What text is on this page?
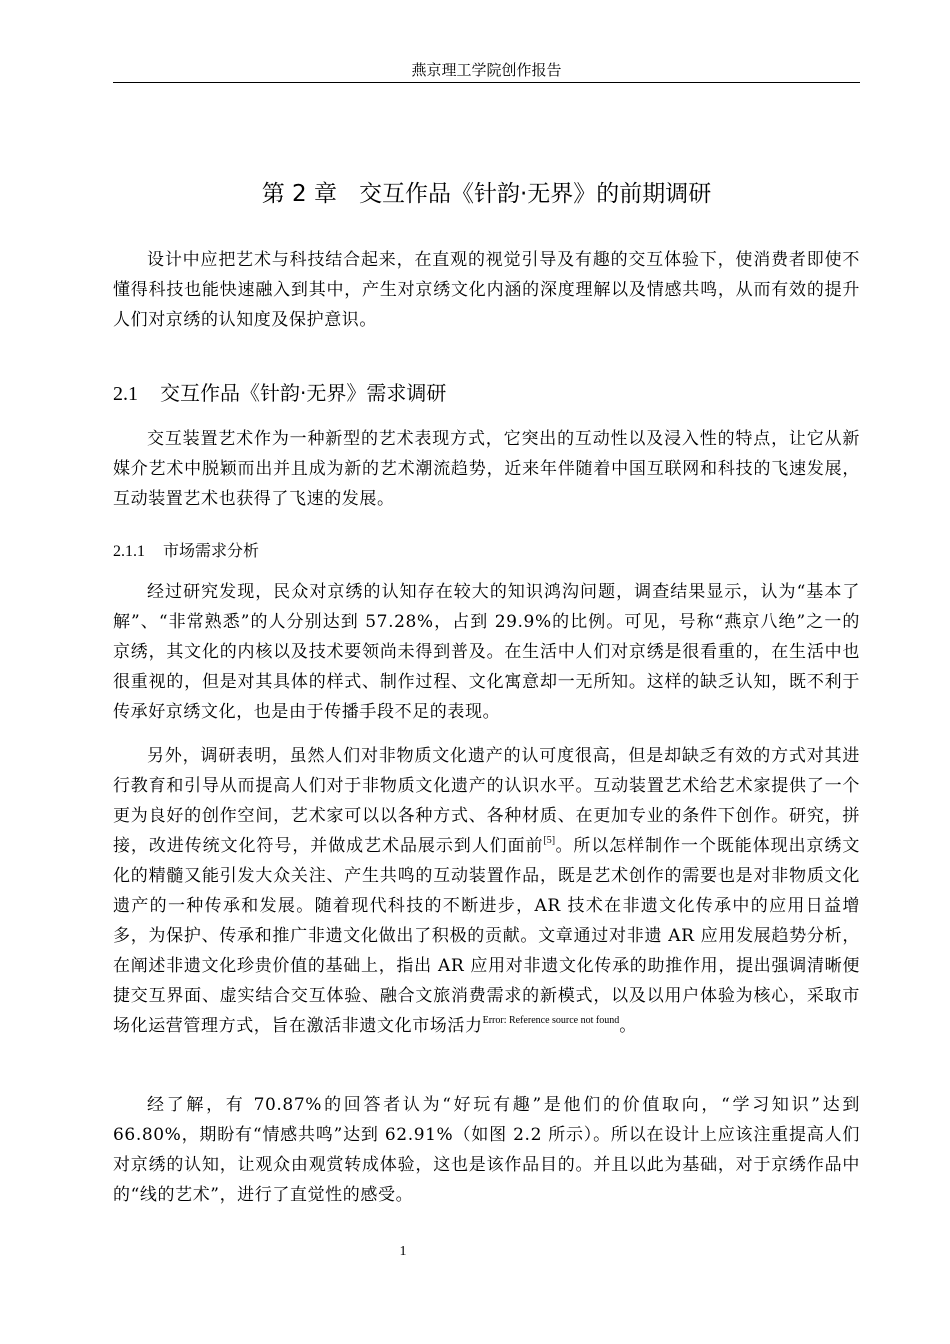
燕京理工学院创作报告
第 2 章 交互作品《针韵·无界》的前期调研

设计中应把艺术与科技结合起来，在直观的视觉引导及有趣的交互体验下，使消费者即使不懂得科技也能快速融入到其中，产生对京绣文化内涵的深度理解以及情感共鸣，从而有效的提升人们对京绣的认知度及保护意识。

2.1 交互作品《针韵·无界》需求调研

交互装置艺术作为一种新型的艺术表现方式，它突出的互动性以及浸入性的特点，让它从新媒介艺术中脱颖而出并且成为新的艺术潮流趋势，近来年伴随着中国互联网和科技的飞速发展，互动装置艺术也获得了飞速的发展。

2.1.1 市场需求分析

经过研究发现，民众对京绣的认知存在较大的知识鸿沟问题，调查结果显示，认为“基本了解”、“非常熟悉”的人分别达到 57.28%，占到 29.9%的比例。可见，号称“燕京八绝”之一的京绣，其文化的内核以及技术要领尚未得到普及。在生活中人们对京绣是很看重的，在生活中也很重视的，但是对其具体的样式、制作过程、文化寓意却一无所知。这样的缺乏认知，既不利于传承好京绣文化，也是由于传播手段不足的表现。

另外，调研表明，虽然人们对非物质文化遗产的认可度很高，但是却缺乏有效的方式对其进行教育和引导从而提高人们对于非物质文化遗产的认识水平。互动装置艺术给艺术家提供了一个更为良好的创作空间，艺术家可以以各种方式、各种材质、在更加专业的条件下创作。研究，拼接，改进传统文化符号，并做成艺术品展示到人们面前[5]。所以怎样制作一个既能体现出京绣文化的精髓又能引发大众关注、产生共鸣的互动装置作品，既是艺术创作的需要也是对非物质文化遗产的一种传承和发展。随着现代科技的不断进步，AR 技术在非遗文化传承中的应用日益增多，为保护、传承和推广非遗文化做出了积极的贡献。文章通过对非遗 AR 应用发展趋势分析，在阐述非遗文化珍贵价值的基础上，指出 AR 应用对非遗文化传承的助推作用，提出强调清晰便捷交互界面、虚实结合交互体验、融合文旅消费需求的新模式，以及以用户体验为核心，采取市场化运营管理方式，旨在激活非遗文化市场活力$^{Error: Reference source not found}$。

经了解，有 70.87%的回答者认为“好玩有趣”是他们的价值取向，“学习知识”达到 66.80%，期盼有“情感共鸣”达到 62.91%（如图 2.2 所示）。所以在设计上应该注重提高人们对京绣的认知，让观众由观赏转成体验，这也是该作品目的。并且以此为基础，对于京绣作品中的“线的艺术”，进行了直觉性的感受。

1
